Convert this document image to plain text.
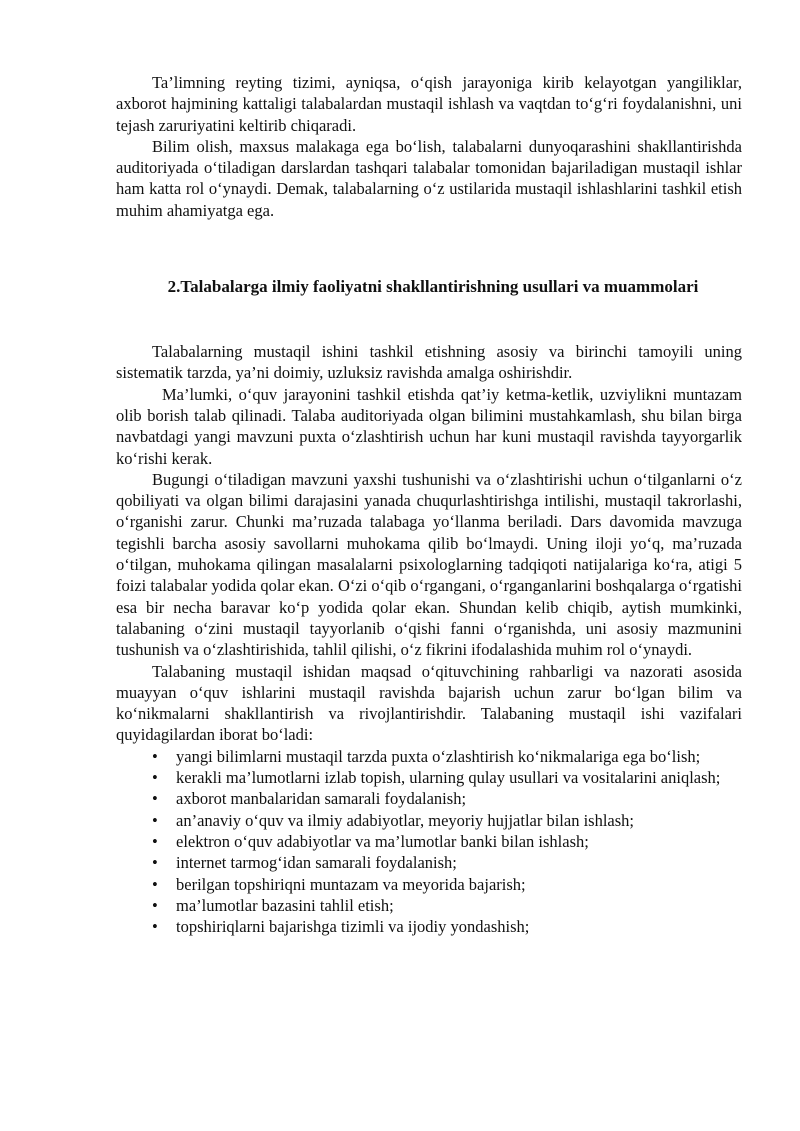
Ta’limning reyting tizimi, ayniqsa, o‘qish jarayoniga kirib kelayotgan yangiliklar, axborot hajmining kattaligi talabalardan mustaqil ishlash va vaqtdan to‘g‘ri foydalanishni, uni tejash zaruriyatini keltirib chiqaradi.

Bilim olish, maxsus malakaga ega bo‘lish, talabalarni dunyoqarashini shakllantirishda auditoriyada o‘tiladigan darslardan tashqari talabalar tomonidan bajariladigan mustaqil ishlar ham katta rol o‘ynaydi. Demak, talabalarning o‘z ustilarida mustaqil ishlashlarini tashkil etish muhim ahamiyatga ega.

2.Talabalarga ilmiy faoliyatni shakllantirishning usullari va muammolari

Talabalarning mustaqil ishini tashkil etishning asosiy va birinchi tamoyili uning sistematik tarzda, ya’ni doimiy, uzluksiz ravishda amalga oshirishdir.

Ma’lumki, o‘quv jarayonini tashkil etishda qat’iy ketma-ketlik, uzviylikni muntazam olib borish talab qilinadi. Talaba auditoriyada olgan bilimini mustahkamlash, shu bilan birga navbatdagi yangi mavzuni puxta o‘zlashtirish uchun har kuni mustaqil ravishda tayyorgarlik ko‘rishi kerak.

Bugungi o‘tiladigan mavzuni yaxshi tushunishi va o‘zlashtirishi uchun o‘tilganlarni o‘z qobiliyati va olgan bilimi darajasini yanada chuqurlashtirishga intilishi, mustaqil takrorlashi, o‘rganishi zarur. Chunki ma’ruzada talabaga yo‘llanma beriladi. Dars davomida mavzuga tegishli barcha asosiy savollarni muhokama qilib bo‘lmaydi. Uning iloji yo‘q, ma’ruzada o‘tilgan, muhokama qilingan masalalarni psixologlarning tadqiqoti natijalariga ko‘ra, atigi 5 foizi talabalar yodida qolar ekan. O‘zi o‘qib o‘rgangani, o‘rganganlarini boshqalarga o‘rgatishi esa bir necha baravar ko‘p yodida qolar ekan. Shundan kelib chiqib, aytish mumkinki, talabaning o‘zini mustaqil tayyorlanib o‘qishi fanni o‘rganishda, uni asosiy mazmunini tushunish va o‘zlashtirishida, tahlil qilishi, o‘z fikrini ifodalashida muhim rol o‘ynaydi.

Talabaning mustaqil ishidan maqsad o‘qituvchining rahbarligi va nazorati asosida muayyan o‘quv ishlarini mustaqil ravishda bajarish uchun zarur bo‘lgan bilim va ko‘nikmalarni shakllantirish va rivojlantirishdir. Talabaning mustaqil ishi vazifalari quyidagilardan iborat bo‘ladi:

• yangi bilimlarni mustaqil tarzda puxta o‘zlashtirish ko‘nikmalariga ega bo‘lish;
• kerakli ma’lumotlarni izlab topish, ularning qulay usullari va vositalarini aniqlash;
• axborot manbalaridan samarali foydalanish;
• an’anaviy o‘quv va ilmiy adabiyotlar, meyoriy hujjatlar bilan ishlash;
• elektron o‘quv adabiyotlar va ma’lumotlar banki bilan ishlash;
• internet tarmog‘idan samarali foydalanish;
• berilgan topshiriqni muntazam va meyorida bajarish;
• ma’lumotlar bazasini tahlil etish;
• topshiriqlarni bajarishga tizimli va ijodiy yondashish;
